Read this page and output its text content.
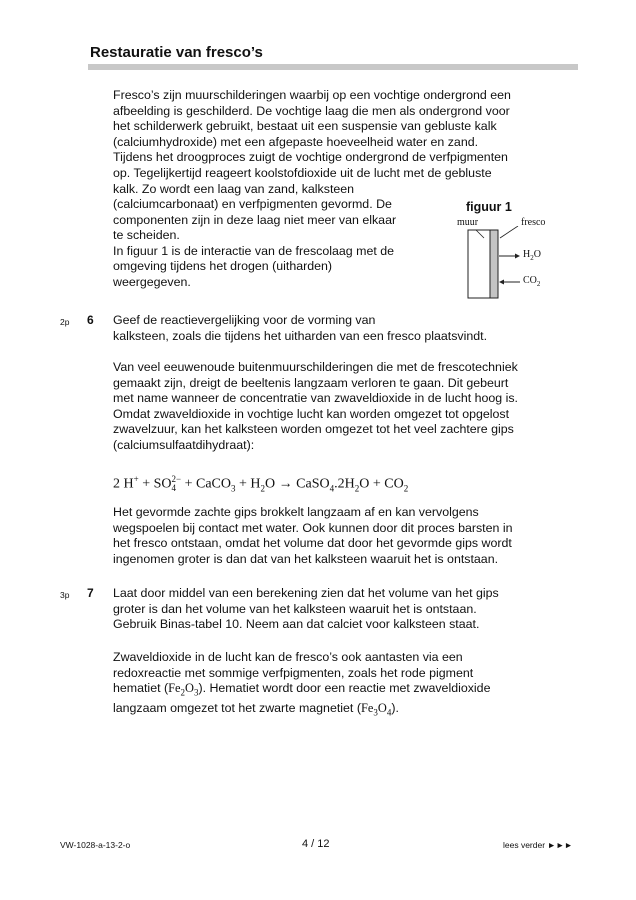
Restauratie van fresco’s

Fresco’s zijn muurschilderingen waarbij op een vochtige ondergrond een
afbeelding is geschilderd. De vochtige laag die men als ondergrond voor
het schilderwerk gebruikt, bestaat uit een suspensie van gebluste kalk
(calciumhydroxide) met een afgepaste hoeveelheid water en zand.
Tijdens het droogproces zuigt de vochtige ondergrond de verfpigmenten
op. Tegelijkertijd reageert koolstofdioxide uit de lucht met de gebluste
kalk. Zo wordt een laag van zand, kalksteen

(calciumcarbonaat) en verfpigmenten gevormd. De
componenten zijn in deze laag niet meer van elkaar
te scheiden.
In figuur 1 is de interactie van de frescolaag met de
omgeving tijdens het drogen (uitharden)
weergegeven.

figuur 1
muur	fresco
$H_2O$
$CO_2$
2p 6 Geef de reactievergelijking voor de vorming van
kalksteen, zoals die tijdens het uitharden van een fresco plaatsvindt.

Van veel eeuwenoude buitenmuurschilderingen die met de frescotechniek
gemaakt zijn, dreigt de beeltenis langzaam verloren te gaan. Dit gebeurt
met name wanneer de concentratie van zwaveldioxide in de lucht hoog is.
Omdat zwaveldioxide in vochtige lucht kan worden omgezet tot opgelost
zwavelzuur, kan het kalksteen worden omgezet tot het veel zachtere gips
(calciumsulfaatdihydraat):

2 H+ + SO 2−
4 + CaCO$_3$ + $H_2O$ → $CaSO_4.2H_2O + CO_2$

Het gevormde zachte gips brokkelt langzaam af en kan vervolgens
wegspoelen bij contact met water. Ook kunnen door dit proces barsten in
het fresco ontstaan, omdat het volume dat door het gevormde gips wordt
ingenomen groter is dan dat van het kalksteen waaruit het is ontstaan.

3p 7 Laat door middel van een berekening zien dat het volume van het gips
groter is dan het volume van het kalksteen waaruit het is ontstaan.
Gebruik Binas-tabel 10. Neem aan dat calciet voor kalksteen staat.

Zwaveldioxide in de lucht kan de fresco’s ook aantasten via een
redoxreactie met sommige verfpigmenten, zoals het rode pigment
hematiet $(Fe_2O_3)$. Hematiet wordt door een reactie met zwaveldioxide
langzaam omgezet tot het zwarte magnetiet $(Fe_3O_4)$.

VW-1028-a-13-2-o	4 / 12	lees verder ►►►
